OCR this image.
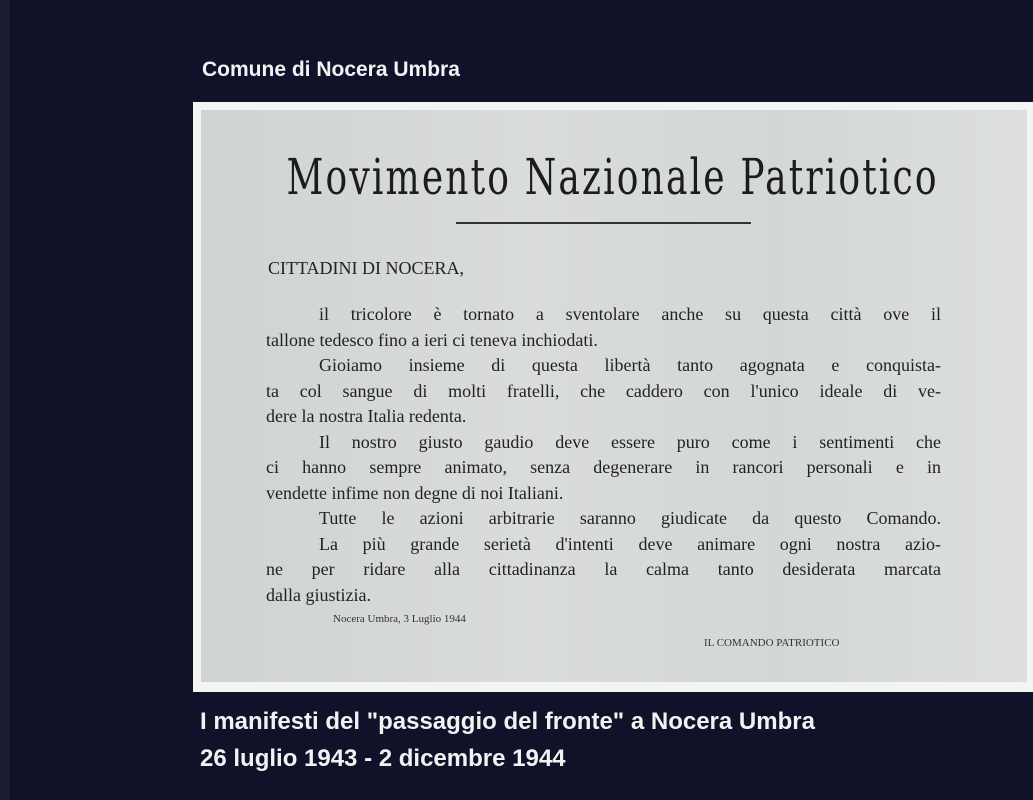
Comune di Nocera Umbra
Movimento Nazionale Patriotico
CITTADINI DI NOCERA,
il tricolore è tornato a sventolare anche su questa città ove il
tallone tedesco fino a ieri ci teneva inchiodati.
Gioiamo insieme di questa libertà tanto agognata e conquista-
ta col sangue di molti fratelli, che caddero con l'unico ideale di ve-
dere la nostra Italia redenta.
Il nostro giusto gaudio deve essere puro come i sentimenti che
ci hanno sempre animato, senza degenerare in rancori personali e in
vendette infime non degne di noi Italiani.
Tutte le azioni arbitrarie saranno giudicate da questo Comando.
La più grande serietà d'intenti deve animare ogni nostra azio-
ne per ridare alla cittadinanza la calma tanto desiderata marcata
dalla giustizia.
Nocera Umbra, 3 Luglio 1944
IL COMANDO PATRIOTICO
I manifesti del "passaggio del fronte" a Nocera Umbra
26 luglio 1943 - 2 dicembre 1944
